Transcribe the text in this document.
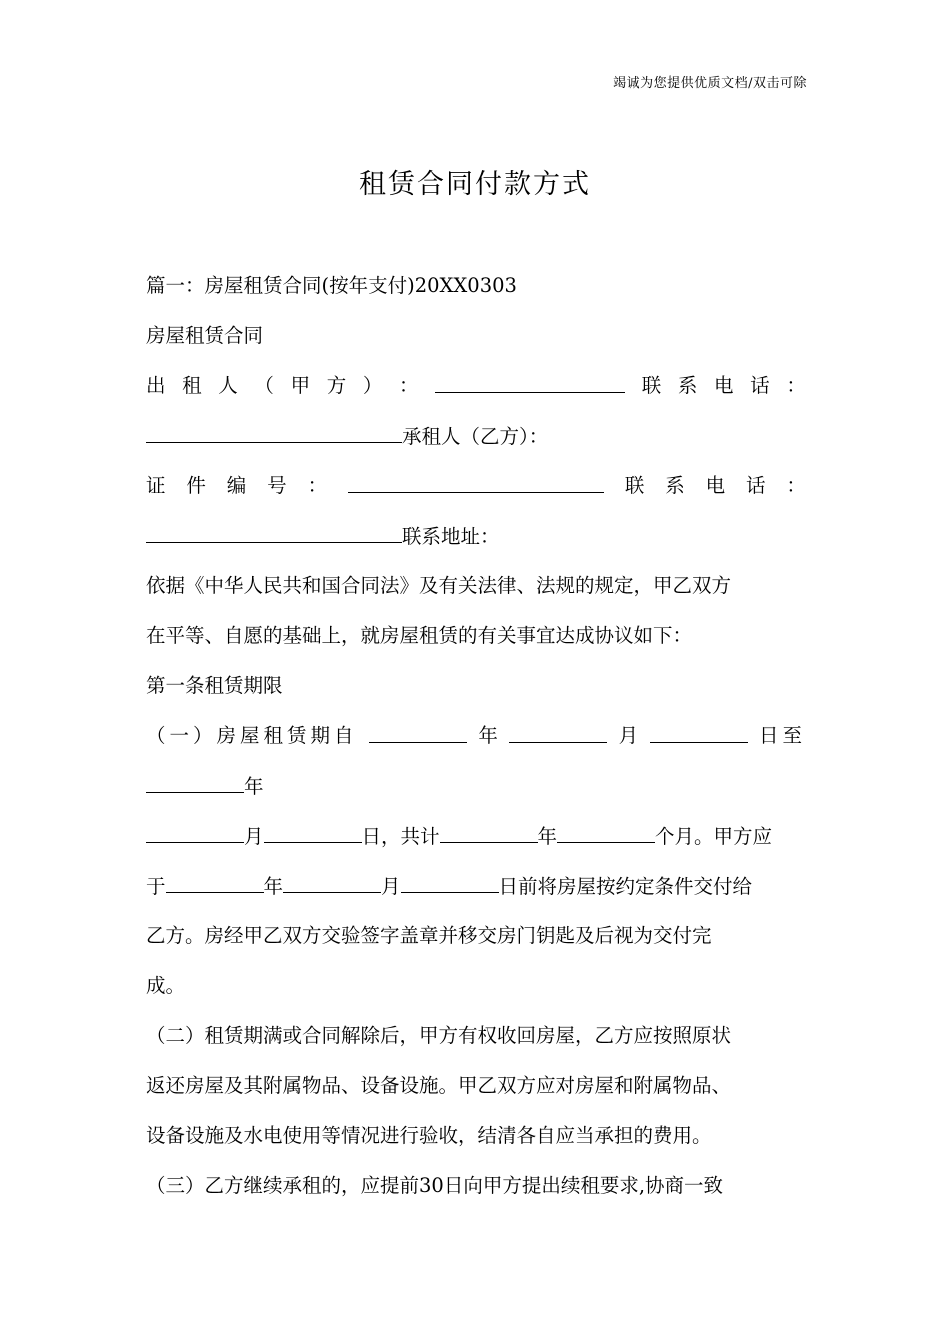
竭诚为您提供优质文档/双击可除
租赁合同付款方式
篇一：房屋租赁合同(按年支付)20XX0303
房屋租赁合同
出 租 人 （ 甲 方 ） ：	联 系 电 话 ：
承租人（乙方）：
证 件 编 号 ：	联 系 电 话 ：
联系地址：
依据《中华人民共和国合同法》及有关法律、法规的规定，甲乙双方
在平等、自愿的基础上，就房屋租赁的有关事宜达成协议如下：
第一条租赁期限
（一）房屋租赁期自	年	月	日至
年
月	日，共计	年	个月。甲方应
于	年	月	日前将房屋按约定条件交付给
乙方。房经甲乙双方交验签字盖章并移交房门钥匙及后视为交付完
成。
（二）租赁期满或合同解除后，甲方有权收回房屋，乙方应按照原状
返还房屋及其附属物品、设备设施。甲乙双方应对房屋和附属物品、
设备设施及水电使用等情况进行验收，结清各自应当承担的费用。
（三）乙方继续承租的，应提前30日向甲方提出续租要求,协商一致
